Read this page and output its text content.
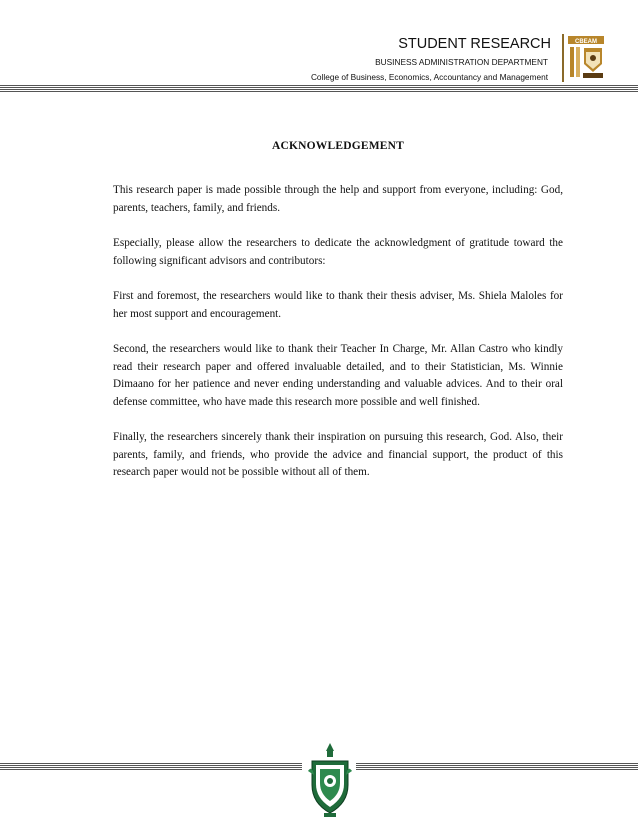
STUDENT RESEARCH
BUSINESS ADMINISTRATION DEPARTMENT
College of Business, Economics, Accountancy and Management
CBEAM
ACKNOWLEDGEMENT

This research paper is made possible through the help and support from everyone, including: God, parents, teachers, family, and friends.

Especially, please allow the researchers to dedicate the acknowledgment of gratitude toward the following significant advisors and contributors:

First and foremost, the researchers would like to thank their thesis adviser, Ms. Shiela Maloles for her most support and encouragement.

Second, the researchers would like to thank their Teacher In Charge, Mr. Allan Castro who kindly read their research paper and offered invaluable detailed, and to their Statistician, Ms. Winnie Dimaano for her patience and never ending understanding and valuable advices. And to their oral defense committee, who have made this research more possible and well finished.

Finally, the researchers sincerely thank their inspiration on pursuing this research, God. Also, their parents, family, and friends, who provide the advice and financial support, the product of this research paper would not be possible without all of them.
